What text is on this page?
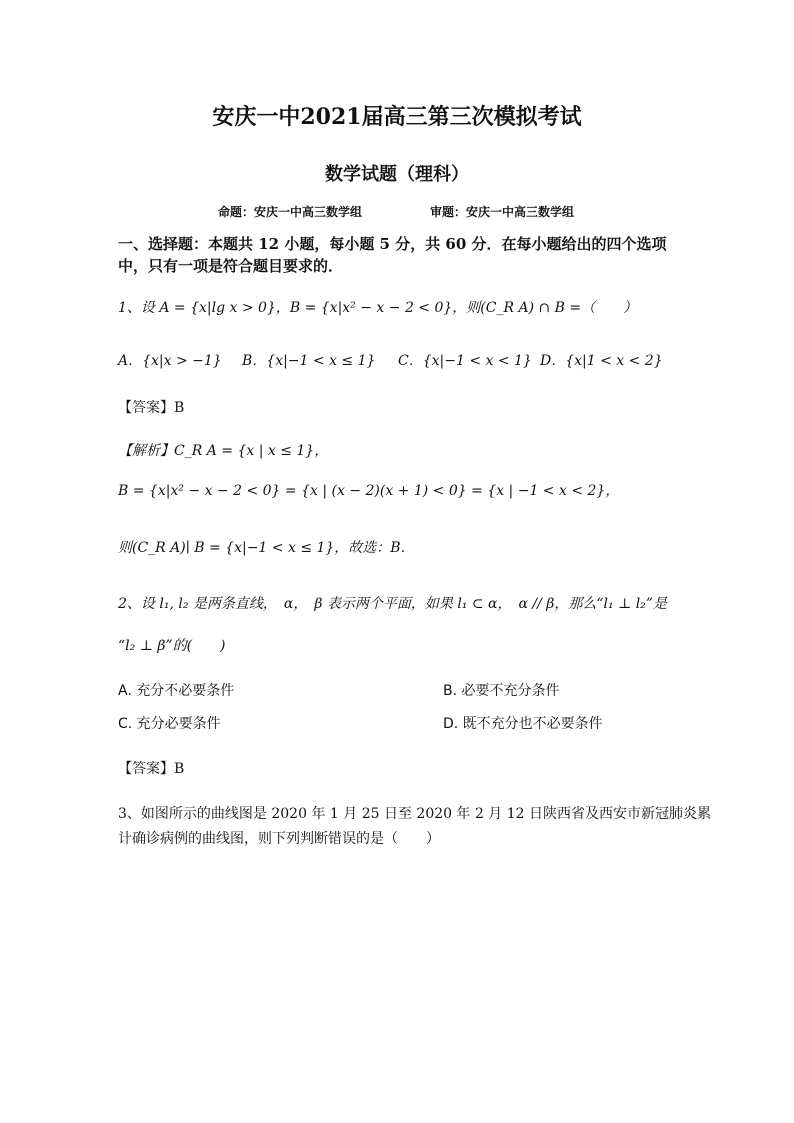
安庆一中2021届高三第三次模拟考试
数学试题（理科）
命题：安庆一中高三数学组	审题：安庆一中高三数学组
一、选择题：本题共 12 小题，每小题 5 分，共 60 分．在每小题给出的四个选项中，只有一项是符合题目要求的．
1、设 A = {x|lg x > 0}，B = {x|x² − x − 2 < 0}，则(C_R A) ∩ B =（　　）
A．{x|x > −1} B．{x|−1 < x ≤ 1} C．{x|−1 < x < 1} D．{x|1 < x < 2}
【答案】B
【解析】C_R A = {x | x ≤ 1}，
B = {x|x² − x − 2 < 0} = {x | (x − 2)(x + 1) < 0} = {x | −1 < x < 2}，
则(C_R A)∣ B = {x|−1 < x ≤ 1}，故选：B．
2、设 l₁, l₂ 是两条直线，　α，　β 表示两个平面，如果 l₁ ⊂ α，　α // β，那么“l₁ ⊥ l₂”是
“l₂ ⊥ β”的(　　)
A. 充分不必要条件	B. 必要不充分条件
C. 充分必要条件	D. 既不充分也不必要条件
【答案】B
3、如图所示的曲线图是 2020 年 1 月 25 日至 2020 年 2 月 12 日陕西省及西安市新冠肺炎累
计确诊病例的曲线图，则下列判断错误的是（　　）
